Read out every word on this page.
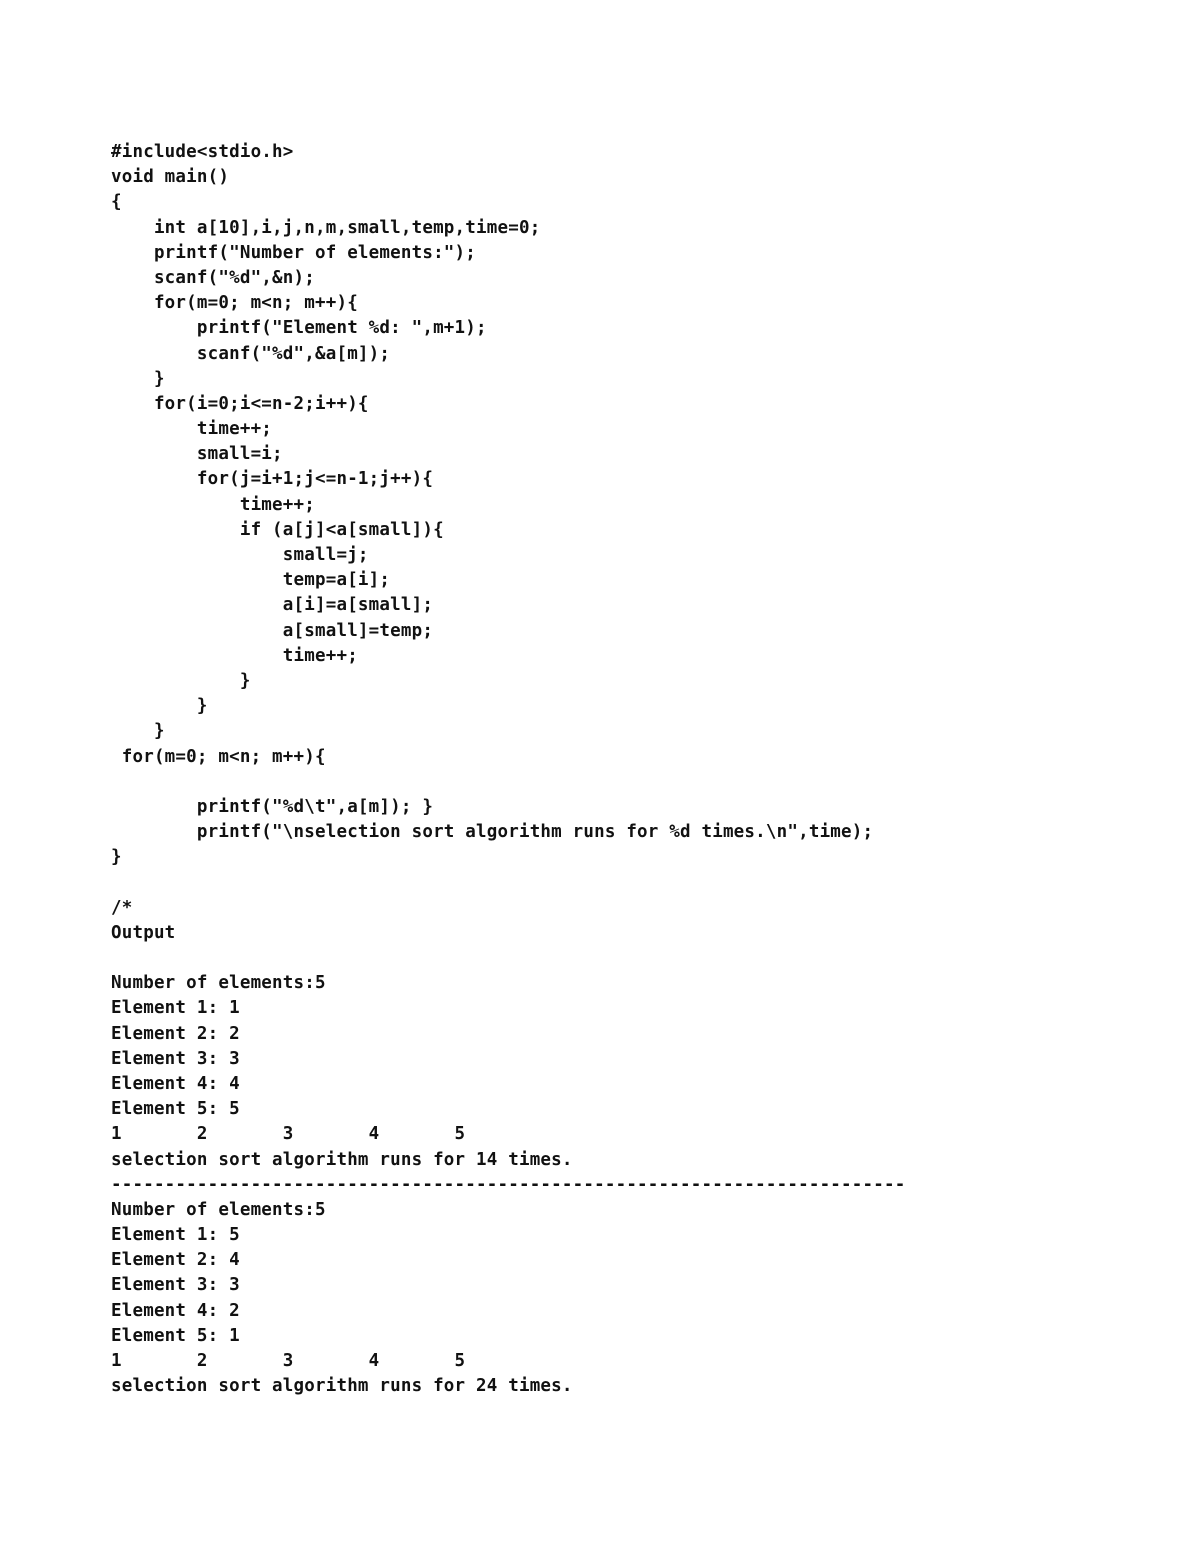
#include<stdio.h>
void main()
{
int a[10],i,j,n,m,small,temp,time=0;
printf("Number of elements:");
scanf("%d",&n);
for(m=0; m<n; m++){
printf("Element %d: ",m+1);
scanf("%d",&a[m]);
}
for(i=0;i<=n-2;i++){
time++;
small=i;
for(j=i+1;j<=n-1;j++){
time++;
if (a[j]<a[small]){
small=j;
temp=a[i];
a[i]=a[small];
a[small]=temp;
time++;
}
}
}
for(m=0; m<n; m++){
printf("%d\t",a[m]); }
printf("\nselection sort algorithm runs for %d times.\n",time);
}
/*
Output
Number of elements:5
Element 1: 1
Element 2: 2
Element 3: 3
Element 4: 4
Element 5: 5
1       2       3       4       5
selection sort algorithm runs for 14 times.
--------------------------------------------------------------------------
Number of elements:5
Element 1: 5
Element 2: 4
Element 3: 3
Element 4: 2
Element 5: 1
1       2       3       4       5
selection sort algorithm runs for 24 times.
